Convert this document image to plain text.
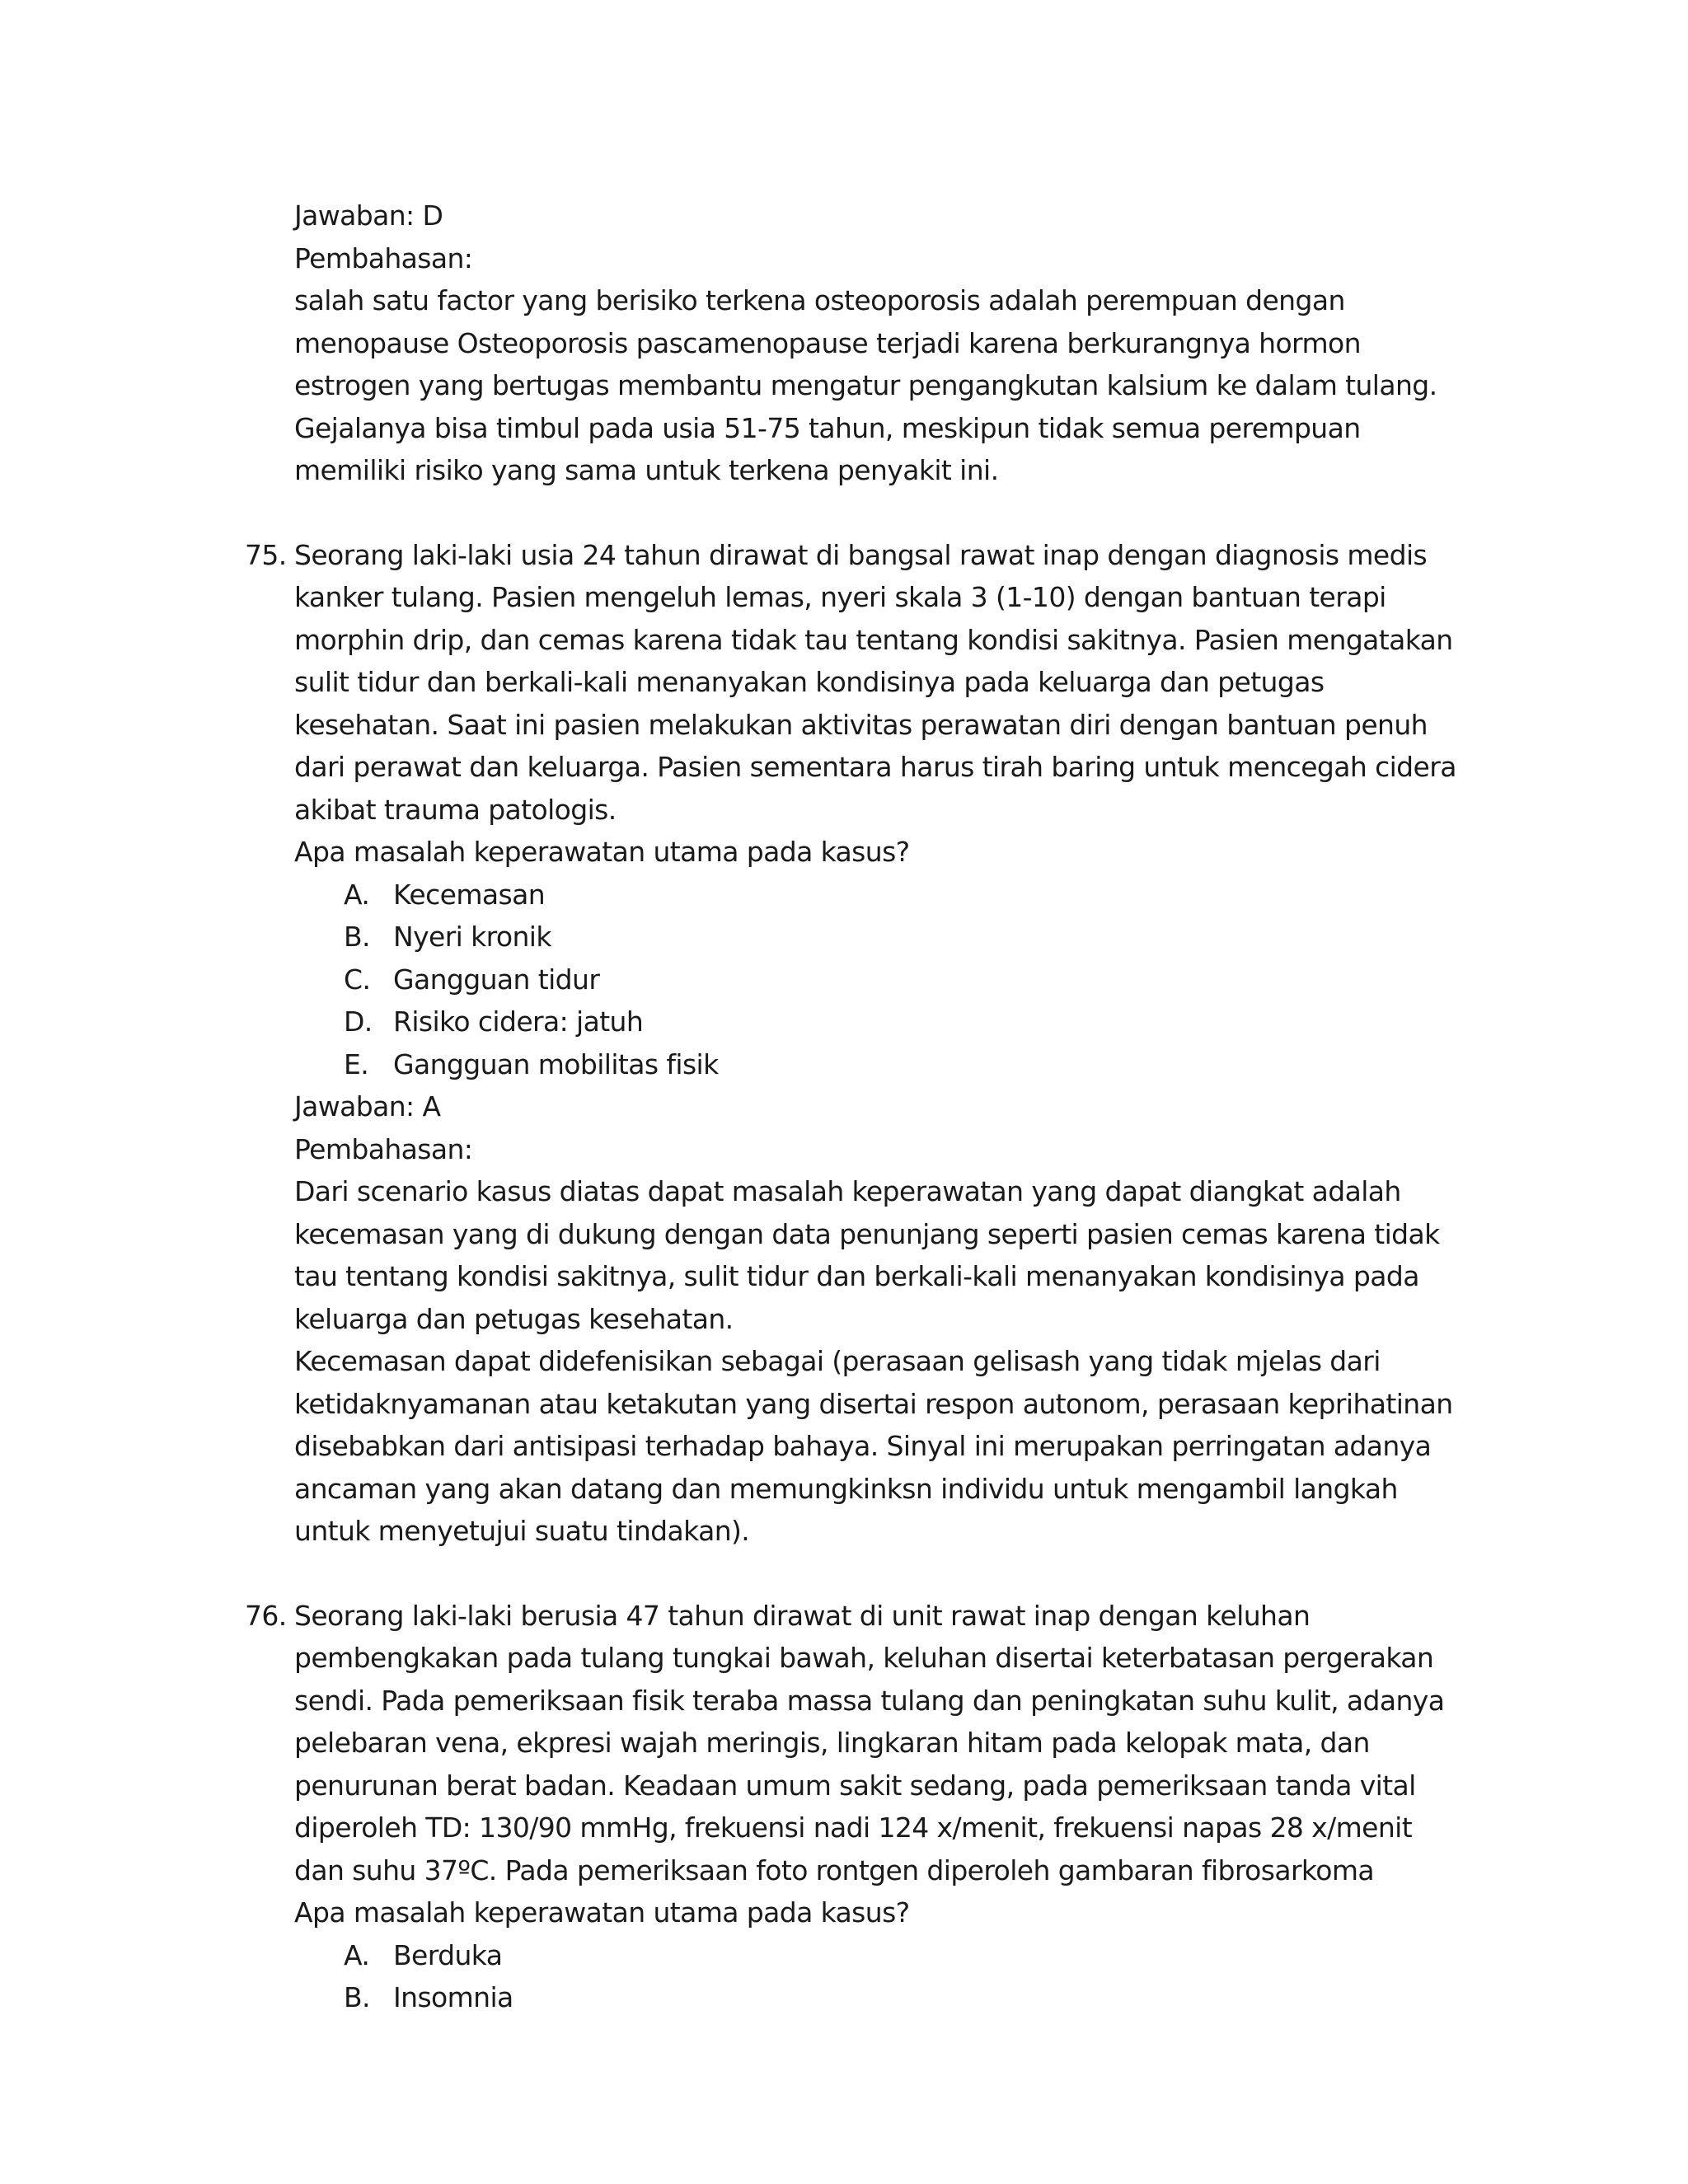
Jawaban: D

Pembahasan:

salah satu factor yang berisiko terkena osteoporosis adalah perempuan dengan menopause Osteoporosis pascamenopause terjadi karena berkurangnya hormon estrogen yang bertugas membantu mengatur pengangkutan kalsium ke dalam tulang. Gejalanya bisa timbul pada usia 51-75 tahun, meskipun tidak semua perempuan memiliki risiko yang sama untuk terkena penyakit ini.

75. Seorang laki-laki usia 24 tahun dirawat di bangsal rawat inap dengan diagnosis medis kanker tulang. Pasien mengeluh lemas, nyeri skala 3 (1-10) dengan bantuan terapi morphin drip, dan cemas karena tidak tau tentang kondisi sakitnya. Pasien mengatakan sulit tidur dan berkali-kali menanyakan kondisinya pada keluarga dan petugas kesehatan. Saat ini pasien melakukan aktivitas perawatan diri dengan bantuan penuh dari perawat dan keluarga. Pasien sementara harus tirah baring untuk mencegah cidera akibat trauma patologis.

Apa masalah keperawatan utama pada kasus?

A. Kecemasan
B. Nyeri kronik
C. Gangguan tidur
D. Risiko cidera: jatuh
E. Gangguan mobilitas fisik

Jawaban: A

Pembahasan:

Dari scenario kasus diatas dapat masalah keperawatan yang dapat diangkat adalah kecemasan yang di dukung dengan data penunjang seperti pasien cemas karena tidak tau tentang kondisi sakitnya, sulit tidur dan berkali-kali menanyakan kondisinya pada keluarga dan petugas kesehatan.

Kecemasan dapat didefenisikan sebagai (perasaan gelisash yang tidak mjelas dari ketidaknyamanan atau ketakutan yang disertai respon autonom, perasaan keprihatinan disebabkan dari antisipasi terhadap bahaya. Sinyal ini merupakan perringatan adanya ancaman yang akan datang dan memungkinksn individu untuk mengambil langkah untuk menyetujui suatu tindakan).

76. Seorang laki-laki berusia 47 tahun dirawat di unit rawat inap dengan keluhan pembengkakan pada tulang tungkai bawah, keluhan disertai keterbatasan pergerakan sendi. Pada pemeriksaan fisik teraba massa tulang dan peningkatan suhu kulit, adanya pelebaran vena, ekpresi wajah meringis, lingkaran hitam pada kelopak mata, dan penurunan berat badan. Keadaan umum sakit sedang, pada pemeriksaan tanda vital diperoleh TD: 130/90 mmHg, frekuensi nadi 124 x/menit, frekuensi napas 28 x/menit dan suhu 37ºC. Pada pemeriksaan foto rontgen diperoleh gambaran fibrosarkoma

Apa masalah keperawatan utama pada kasus?

A. Berduka
B. Insomnia
